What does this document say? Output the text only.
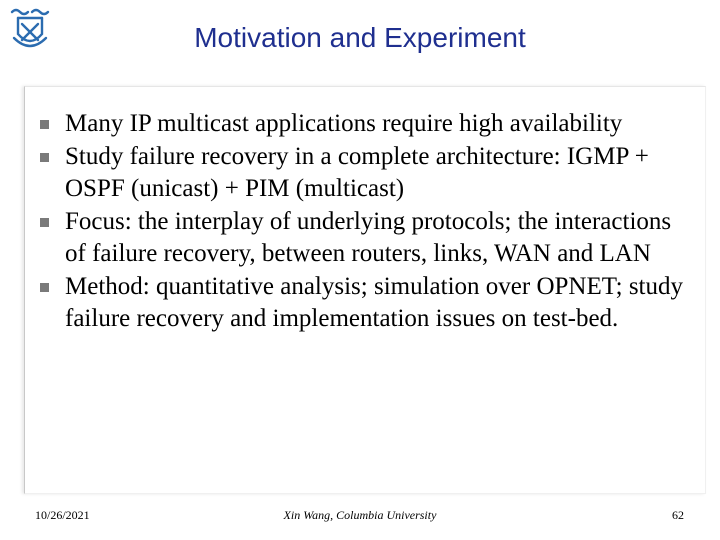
Motivation and Experiment
Many IP multicast applications require high availability
Study failure recovery in a complete architecture: IGMP + OSPF (unicast) + PIM (multicast)
Focus: the interplay of underlying protocols; the interactions of failure recovery, between routers, links, WAN and LAN
Method: quantitative analysis; simulation over OPNET; study failure recovery and implementation issues on test-bed.
10/26/2021	Xin Wang, Columbia University	62
